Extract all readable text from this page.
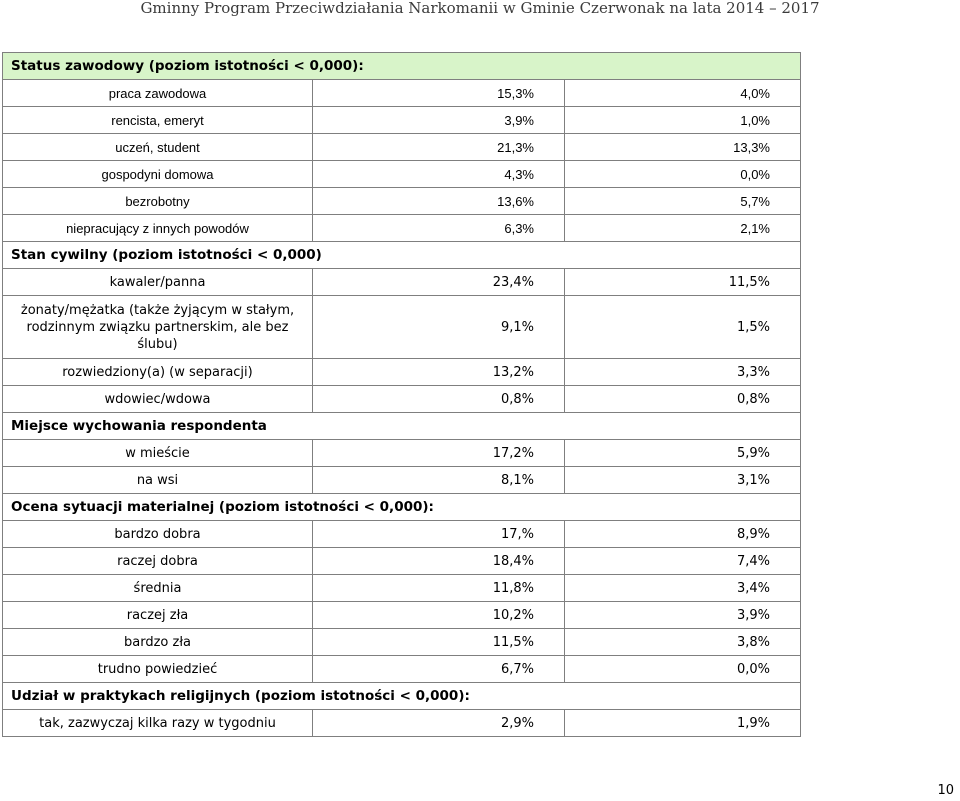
Gminny Program Przeciwdziałania Narkomanii w Gminie Czerwonak na lata 2014 – 2017
Status zawodowy (poziom istotności < 0,000):		
praca zawodowa	15,3%	4,0%
rencista, emeryt	3,9%	1,0%
uczeń, student	21,3%	13,3%
gospodyni domowa	4,3%	0,0%
bezrobotny	13,6%	5,7%
niepracujący z innych powodów	6,3%	2,1%
Stan cywilny (poziom istotności < 0,000)		
kawaler/panna	23,4%	11,5%
żonaty/mężatka (także żyjącym w stałym, rodzinnym związku partnerskim, ale bez ślubu)	9,1%	1,5%
rozwiedziony(a) (w separacji)	13,2%	3,3%
wdowiec/wdowa	0,8%	0,8%
Miejsce wychowania respondenta		
w mieście	17,2%	5,9%
na wsi	8,1%	3,1%
Ocena sytuacji materialnej (poziom istotności < 0,000):		
bardzo dobra	17,%	8,9%
raczej dobra	18,4%	7,4%
średnia	11,8%	3,4%
raczej zła	10,2%	3,9%
bardzo zła	11,5%	3,8%
trudno powiedzieć	6,7%	0,0%
Udział w praktykach religijnych (poziom istotności < 0,000):		
tak, zazwyczaj kilka razy w tygodniu	2,9%	1,9%
10
